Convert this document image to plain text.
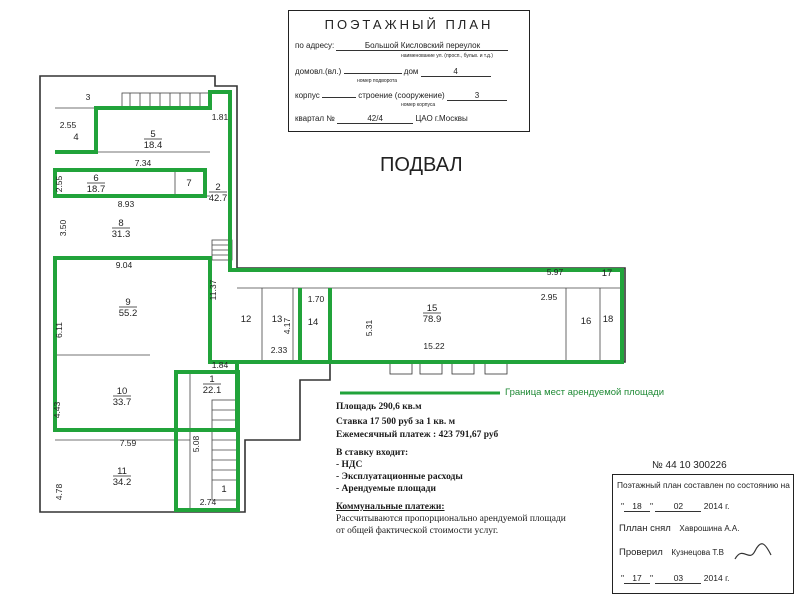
1
22.1
2
42.7
4	5
18.4
6
18.7
7
8
31.3
9
55.2
10
33.7
11
34.2
12 13	14
15
78.9	16
17
18
1
3
2.55
1.81
7.34
2.55
8.93
3.50
9.04
11.37
6.11
1.70
4.17	5.31
5.97
2.95
2.33	15.22
1.84
4.43
7.59
4.78
5.08
2.74
ПОЭТАЖНЫЙ ПЛАН
по адресу:	Большой Кисловский переулок
наименование ул. (просп., бульв. и т.д.)
домовл.(вл.)	дом	4
номер подворота
корпус	строение (сооружение)	3
номер корпуса
квартал №	42/4	ЦАО г.Москвы
ПОДВАЛ
Граница мест арендуемой площади
Площадь 290,6 кв.м
Ставка 17 500 руб за 1 кв. м
Ежемесячный платеж : 423 791,67 руб
В ставку входит:
- НДС
- Эксплуатационные расходы
- Арендуемые площади
Коммунальные платежи:
Рассчитываются пропорционально арендуемой площади
от общей фактической стоимости услуг.
№ 44 10 300226
Поэтажный план составлен по состоянию на
" 18 " 02 2014 г.
Пллан снял Хаврошина А.А.
Проверил Кузнецова Т.В
" 17 " 03 2014 г.
